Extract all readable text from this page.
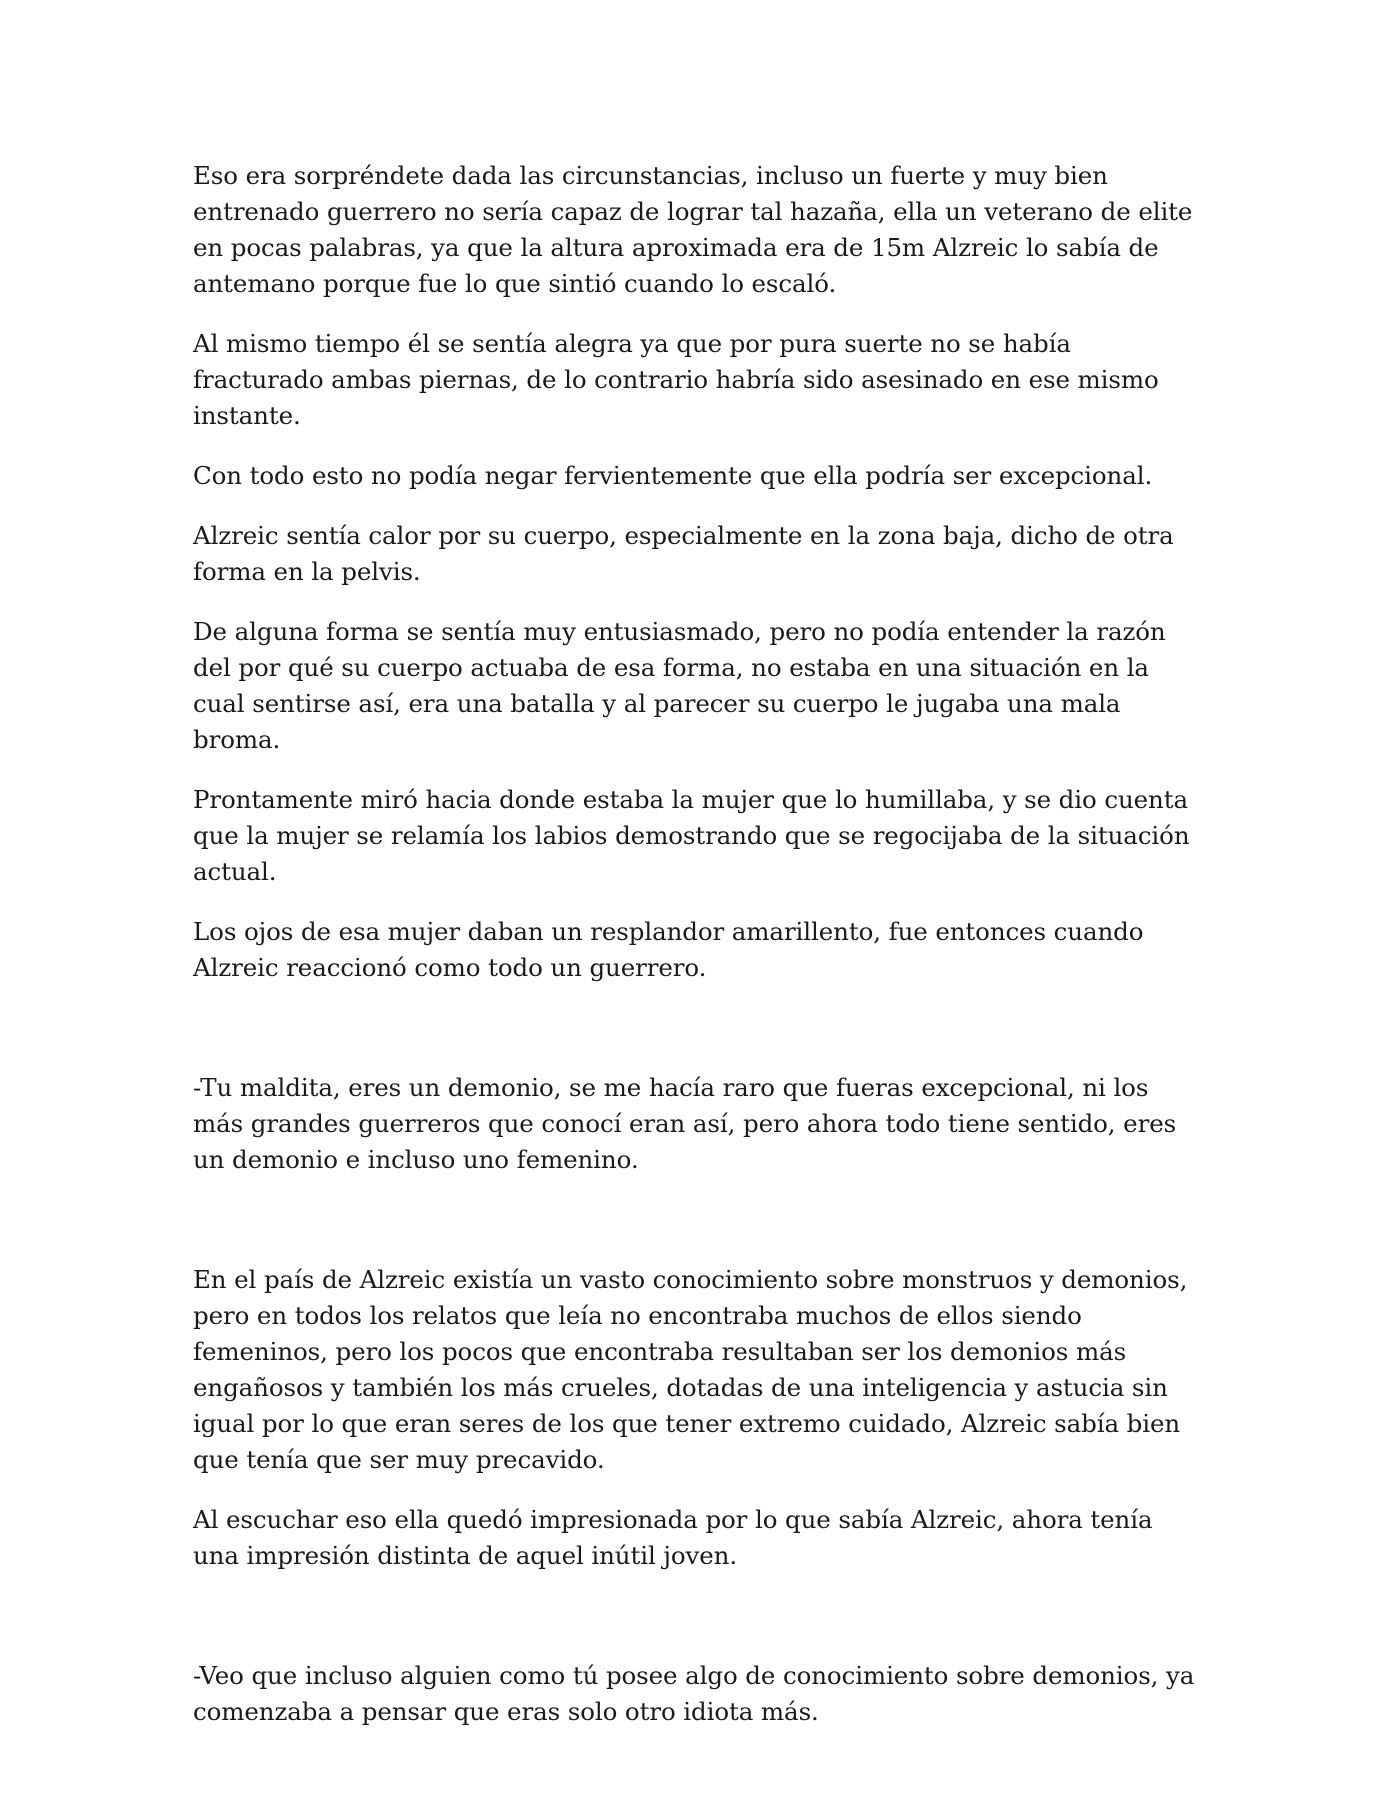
Eso era sorpréndete dada las circunstancias, incluso un fuerte y muy bien entrenado guerrero no sería capaz de lograr tal hazaña, ella un veterano de elite en pocas palabras, ya que la altura aproximada era de 15m Alzreic lo sabía de antemano porque fue lo que sintió cuando lo escaló.

Al mismo tiempo él se sentía alegra ya que por pura suerte no se había fracturado ambas piernas, de lo contrario habría sido asesinado en ese mismo instante.

Con todo esto no podía negar fervientemente que ella podría ser excepcional.

Alzreic sentía calor por su cuerpo, especialmente en la zona baja, dicho de otra forma en la pelvis.

De alguna forma se sentía muy entusiasmado, pero no podía entender la razón del por qué su cuerpo actuaba de esa forma, no estaba en una situación en la cual sentirse así, era una batalla y al parecer su cuerpo le jugaba una mala broma.

Prontamente miró hacia donde estaba la mujer que lo humillaba, y se dio cuenta que la mujer se relamía los labios demostrando que se regocijaba de la situación actual.

Los ojos de esa mujer daban un resplandor amarillento, fue entonces cuando Alzreic reaccionó como todo un guerrero.

-Tu maldita, eres un demonio, se me hacía raro que fueras excepcional, ni los más grandes guerreros que conocí eran así, pero ahora todo tiene sentido, eres un demonio e incluso uno femenino.

En el país de Alzreic existía un vasto conocimiento sobre monstruos y demonios, pero en todos los relatos que leía no encontraba muchos de ellos siendo femeninos, pero los pocos que encontraba resultaban ser los demonios más engañosos y también los más crueles, dotadas de una inteligencia y astucia sin igual por lo que eran seres de los que tener extremo cuidado, Alzreic sabía bien que tenía que ser muy precavido.

Al escuchar eso ella quedó impresionada por lo que sabía Alzreic, ahora tenía una impresión distinta de aquel inútil joven.

-Veo que incluso alguien como tú posee algo de conocimiento sobre demonios, ya comenzaba a pensar que eras solo otro idiota más.
